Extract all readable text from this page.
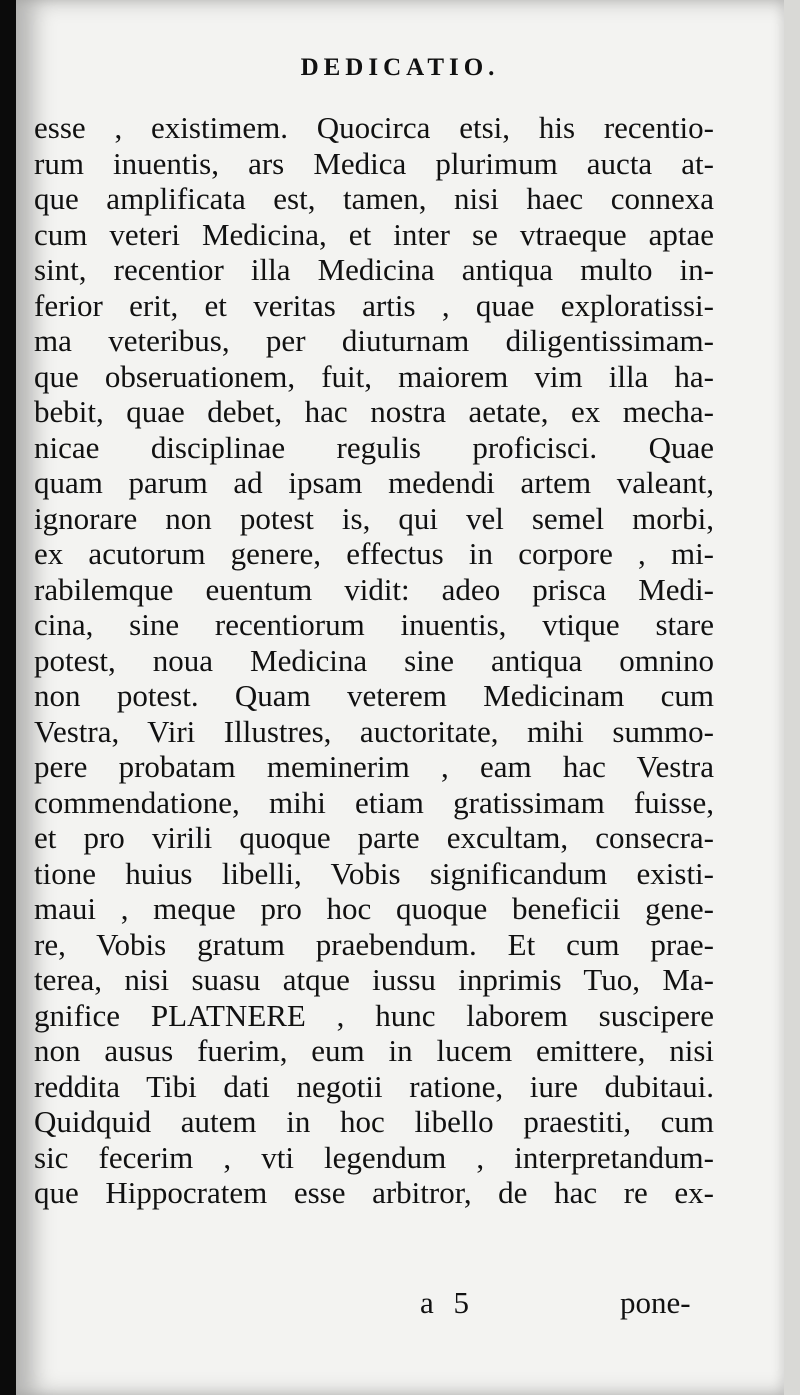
DEDICATIO.
esse , existimem. Quocirca etsi, his recentio-
rum inuentis, ars Medica plurimum aucta at-
que amplificata est, tamen, nisi haec connexa
cum veteri Medicina, et inter se vtraeque aptae
sint, recentior illa Medicina antiqua multo in-
ferior erit, et veritas artis , quae exploratissi-
ma veteribus, per diuturnam diligentissimam-
que obseruationem, fuit, maiorem vim illa ha-
bebit, quae debet, hac nostra aetate, ex mecha-
nicae disciplinae regulis proficisci. Quae
quam parum ad ipsam medendi artem valeant,
ignorare non potest is, qui vel semel morbi,
ex acutorum genere, effectus in corpore , mi-
rabilemque euentum vidit: adeo prisca Medi-
cina, sine recentiorum inuentis, vtique stare
potest, noua Medicina sine antiqua omnino
non potest. Quam veterem Medicinam cum
Vestra, Viri Illustres, auctoritate, mihi summo-
pere probatam meminerim , eam hac Vestra
commendatione, mihi etiam gratissimam fuisse,
et pro virili quoque parte excultam, consecra-
tione huius libelli, Vobis significandum existi-
maui , meque pro hoc quoque beneficii gene-
re, Vobis gratum praebendum. Et cum prae-
terea, nisi suasu atque iussu inprimis Tuo, Ma-
gnifice PLATNERE , hunc laborem suscipere
non ausus fuerim, eum in lucem emittere, nisi
reddita Tibi dati negotii ratione, iure dubitaui.
Quidquid autem in hoc libello praestiti, cum
sic fecerim , vti legendum , interpretandum-
que Hippocratem esse arbitror, de hac re ex-
a 5	pone-
